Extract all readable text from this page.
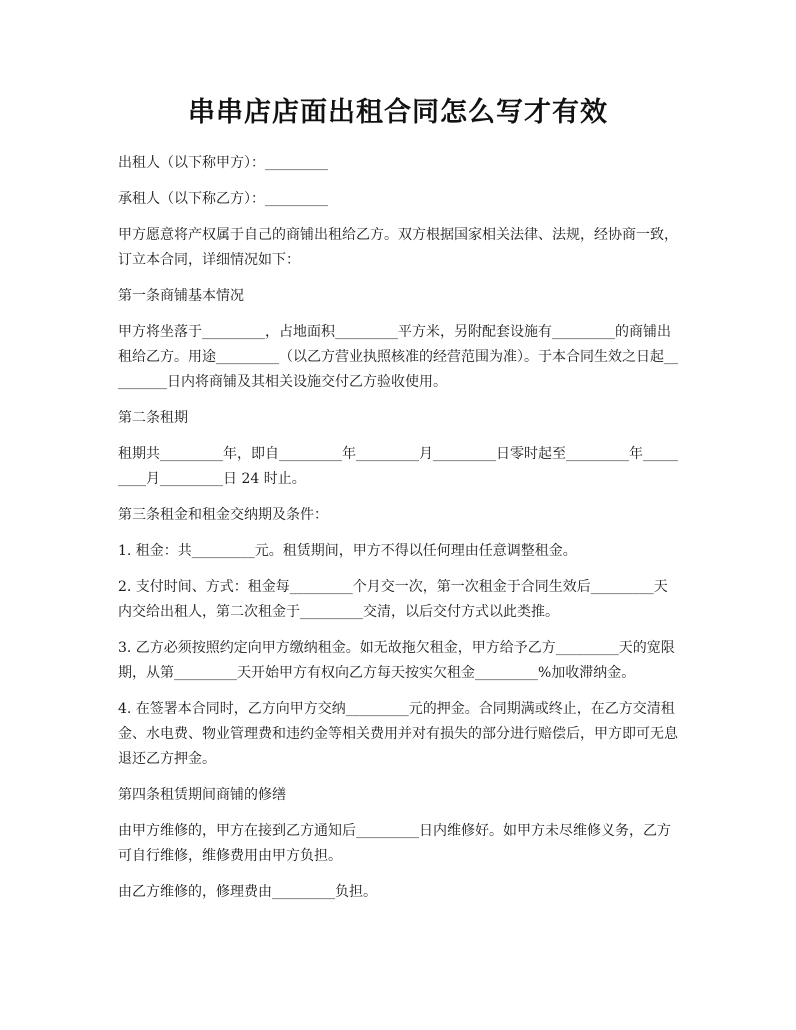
串串店店面出租合同怎么写才有效

出租人（以下称甲方）：_________

承租人（以下称乙方）：_________

甲方愿意将产权属于自己的商铺出租给乙方。双方根据国家相关法律、法规，经协商一致，订立本合同，详细情况如下：

第一条商铺基本情况

甲方将坐落于_________，占地面积_________平方米，另附配套设施有_________的商铺出租给乙方。用途_________（以乙方营业执照核准的经营范围为准）。于本合同生效之日起_________日内将商铺及其相关设施交付乙方验收使用。

第二条租期

租期共_________年，即自_________年_________月_________日零时起至_________年_________月_________日 24 时止。

第三条租金和租金交纳期及条件：

1. 租金：共_________元。租赁期间，甲方不得以任何理由任意调整租金。

2. 支付时间、方式：租金每_________个月交一次，第一次租金于合同生效后_________天内交给出租人，第二次租金于_________交清，以后交付方式以此类推。

3. 乙方必须按照约定向甲方缴纳租金。如无故拖欠租金，甲方给予乙方_________天的宽限期，从第_________天开始甲方有权向乙方每天按实欠租金_________%加收滞纳金。

4. 在签署本合同时，乙方向甲方交纳_________元的押金。合同期满或终止，在乙方交清租金、水电费、物业管理费和违约金等相关费用并对有损失的部分进行赔偿后，甲方即可无息退还乙方押金。

第四条租赁期间商铺的修缮

由甲方维修的，甲方在接到乙方通知后_________日内维修好。如甲方未尽维修义务，乙方可自行维修，维修费用由甲方负担。

由乙方维修的，修理费由_________负担。
